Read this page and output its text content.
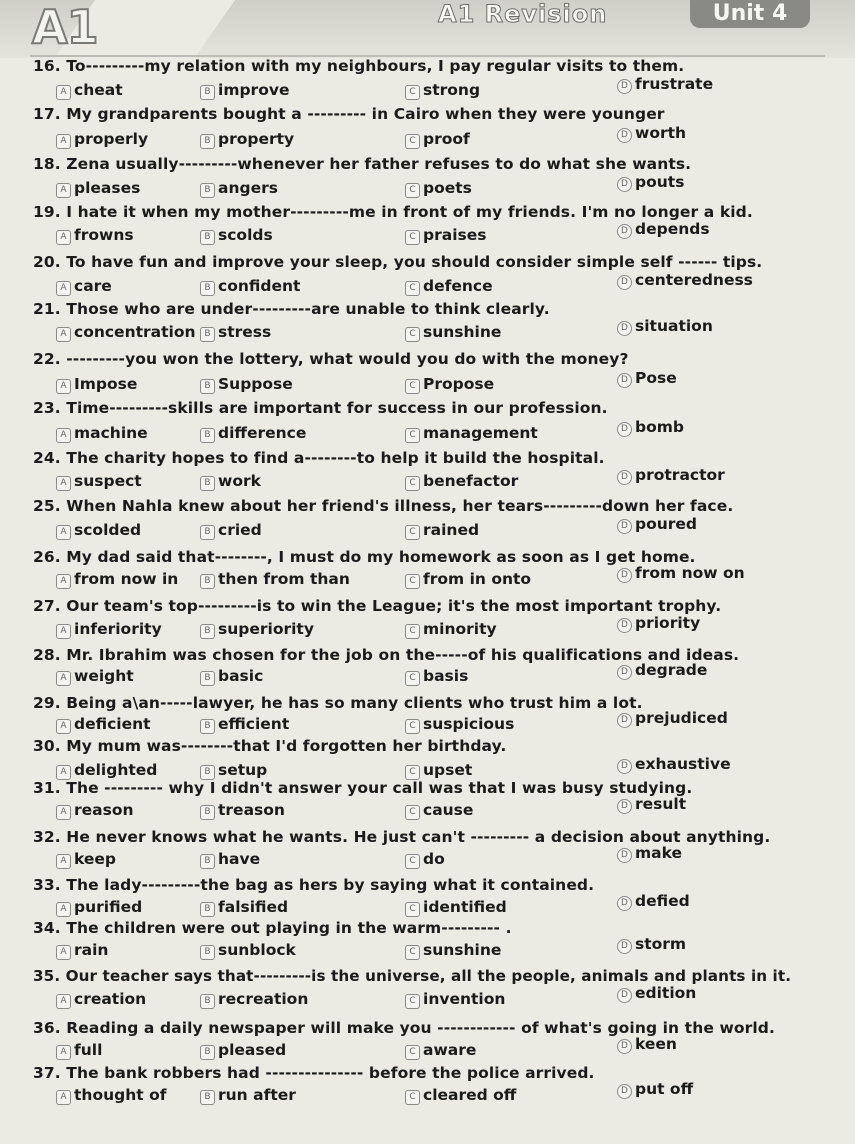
A1	A1 Revision	Unit 4
16. To---------my relation with my neighbours, I pay regular visits to them.
A cheat	B improve	C strong	D frustrate
17. My grandparents bought a --------- in Cairo when they were younger
A properly	B property	C proof	D worth
18. Zena usually---------whenever her father refuses to do what she wants.
A pleases	B angers	C poets	D pouts
19. I hate it when my mother---------me in front of my friends. I'm no longer a kid.
A frowns	B scolds	C praises	D depends
20. To have fun and improve your sleep, you should consider simple self ------ tips.
A care	B confident	C defence	D centeredness
21. Those who are under---------are unable to think clearly.
A concentration B stress	C sunshine	D situation
22. ---------you won the lottery, what would you do with the money?
A Impose	B Suppose	C Propose	D Pose
23. Time---------skills are important for success in our profession.
A machine	B difference	C management	D bomb
24. The charity hopes to find a--------to help it build the hospital.
A suspect	B work	C benefactor	D protractor
25. When Nahla knew about her friend's illness, her tears---------down her face.
A scolded	B cried	C rained	D poured
26. My dad said that--------, I must do my homework as soon as I get home.
A from now in	B then from than	C from in onto	D from now on
27. Our team's top---------is to win the League; it's the most important trophy.
A inferiority	B superiority	C minority	D priority
28. Mr. Ibrahim was chosen for the job on the-----of his qualifications and ideas.
A weight	B basic	C basis	D degrade
29. Being a\an-----lawyer, he has so many clients who trust him a lot.
A deficient	B efficient	C suspicious	D prejudiced
30. My mum was--------that I'd forgotten her birthday.
A delighted	B setup	C upset	D exhaustive
31. The --------- why I didn't answer your call was that I was busy studying.
A reason	B treason	C cause	D result
32. He never knows what he wants. He just can't --------- a decision about anything.
A keep	B have	C do	D make
33. The lady---------the bag as hers by saying what it contained.
A purified	B falsified	C identified	D defied
34. The children were out playing in the warm--------- .
A rain	B sunblock	C sunshine	D storm
35. Our teacher says that---------is the universe, all the people, animals and plants in it.
A creation	B recreation	C invention	D edition
36. Reading a daily newspaper will make you ------------ of what's going in the world.
A full	B pleased	C aware	D keen
37. The bank robbers had --------------- before the police arrived.
A thought of	B run after	C cleared off	D put off
